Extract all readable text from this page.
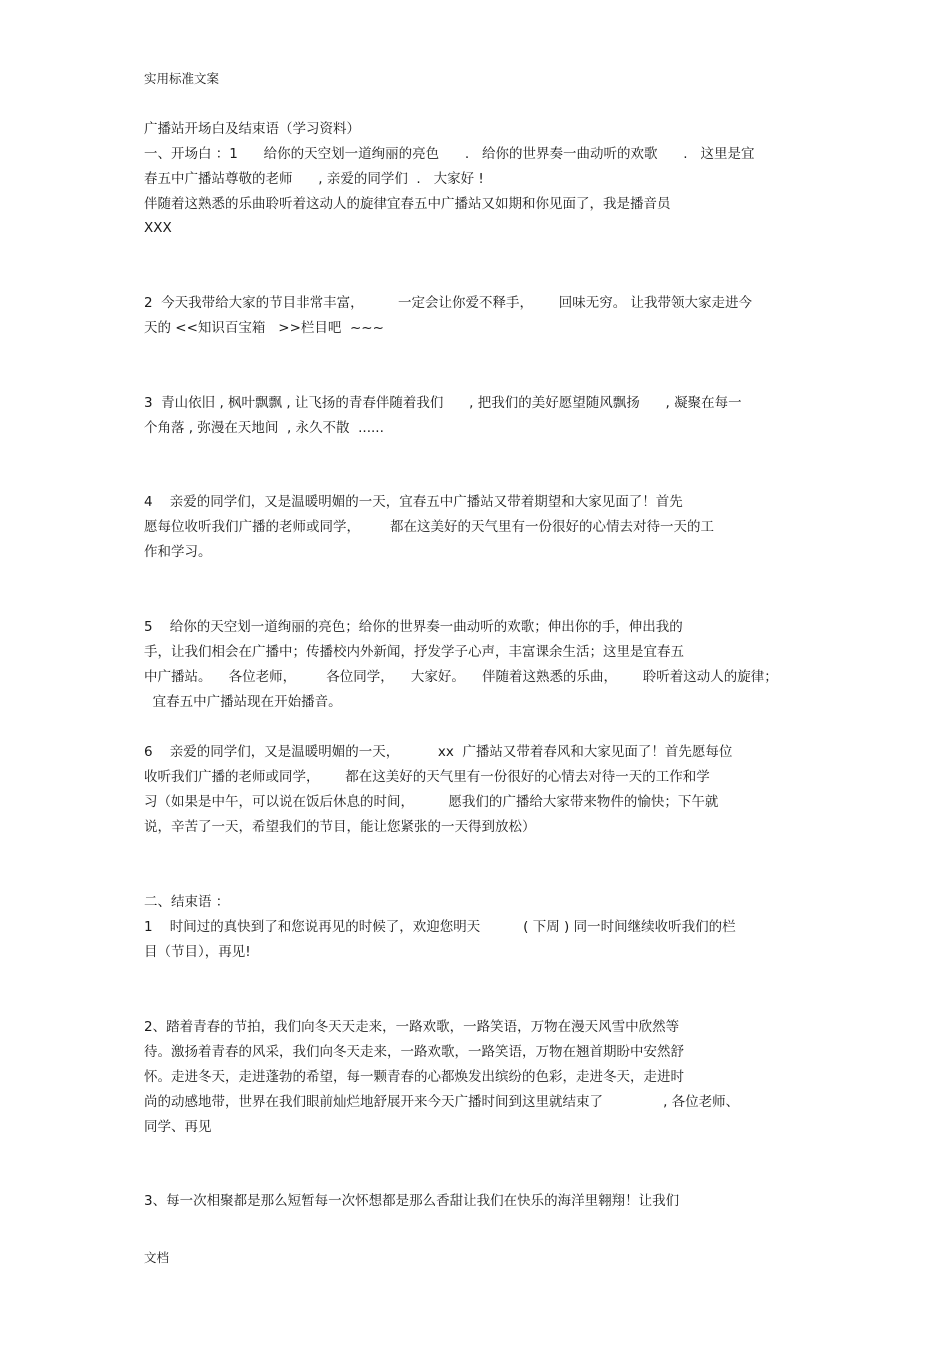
实用标准文案
广播站开场白及结束语（学习资料）
一、开场白 ：1      给你的天空划一道绚丽的亮色      .   给你的世界奏一曲动听的欢歌      .   这里是宜
春五中广播站尊敬的老师      , 亲爱的同学们  .   大家好 !
伴随着这熟悉的乐曲聆听着这动人的旋律宜春五中广播站又如期和你见面了，我是播音员
XXX
2  今天我带给大家的节目非常丰富，        一定会让你爱不释手，      回味无穷。 让我带领大家走进今
天的 <<知识百宝箱   >>栏目吧  ~~~
3  青山依旧 , 枫叶飘飘 , 让飞扬的青春伴随着我们      , 把我们的美好愿望随风飘扬      , 凝聚在每一
个角落 , 弥漫在天地间  , 永久不散  ......
4    亲爱的同学们，又是温暖明媚的一天，宜春五中广播站又带着期望和大家见面了！首先
愿每位收听我们广播的老师或同学，       都在这美好的天气里有一份很好的心情去对待一天的工
作和学习。
5    给你的天空划一道绚丽的亮色；给你的世界奏一曲动听的欢歌；伸出你的手，伸出我的
手，让我们相会在广播中；传播校内外新闻，抒发学子心声，丰富课余生活；这里是宜春五
中广播站。    各位老师，       各位同学，    大家好。    伴随着这熟悉的乐曲，      聆听着这动人的旋律；
宜春五中广播站现在开始播音。
6    亲爱的同学们，又是温暖明媚的一天，         xx  广播站又带着春风和大家见面了！首先愿每位
收听我们广播的老师或同学，      都在这美好的天气里有一份很好的心情去对待一天的工作和学
习（如果是中午，可以说在饭后休息的时间，        愿我们的广播给大家带来物件的愉快；下午就
说，辛苦了一天，希望我们的节目，能让您紧张的一天得到放松）
二、结束语 ：
1    时间过的真快到了和您说再见的时候了，欢迎您明天          ( 下周 ) 同一时间继续收听我们的栏
目（节目），再见!
2、踏着青春的节拍，我们向冬天天走来，一路欢歌，一路笑语，万物在漫天风雪中欣然等
待。激扬着青春的风采，我们向冬天走来，一路欢歌，一路笑语，万物在翘首期盼中安然舒
怀。走进冬天，走进蓬勃的希望，每一颗青春的心都焕发出缤纷的色彩，走进冬天，走进时
尚的动感地带，世界在我们眼前灿烂地舒展开来今天广播时间到这里就结束了              , 各位老师、
同学、再见
3、每一次相聚都是那么短暂每一次怀想都是那么香甜让我们在快乐的海洋里翱翔！让我们
文档
